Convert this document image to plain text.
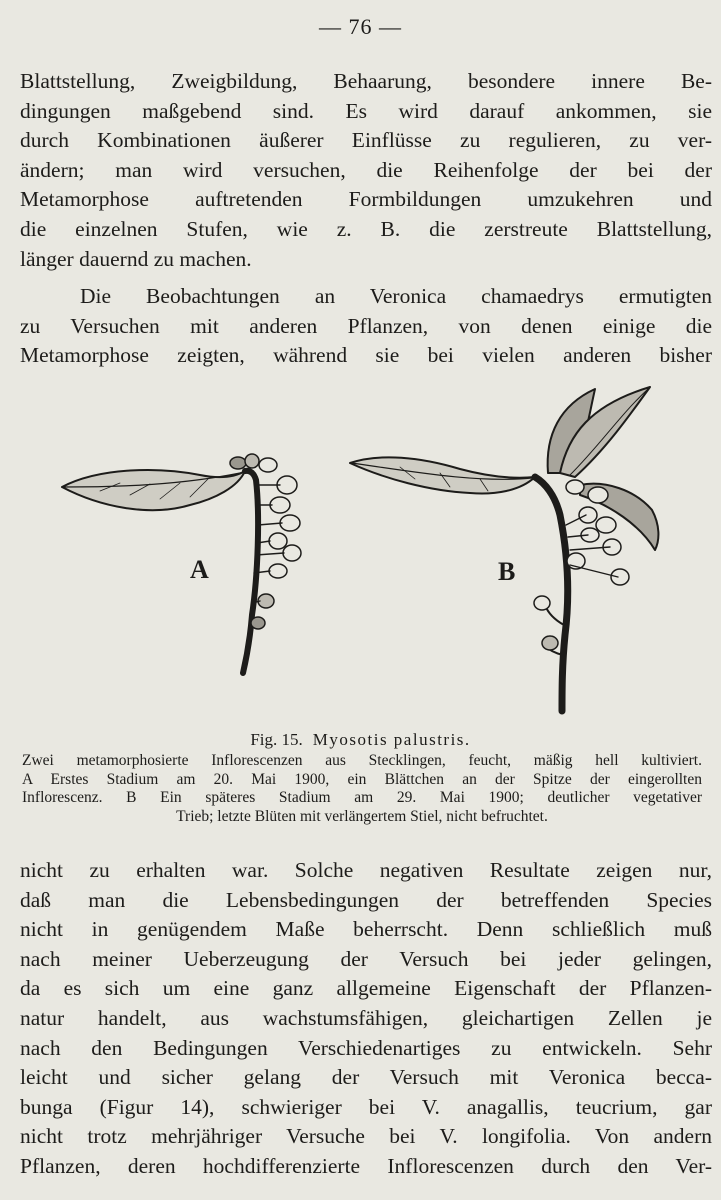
— 76 —
Blattstellung, Zweigbildung, Behaarung, besondere innere Be-
dingungen maßgebend sind. Es wird darauf ankommen, sie
durch Kombinationen äußerer Einflüsse zu regulieren, zu ver-
ändern; man wird versuchen, die Reihenfolge der bei der
Metamorphose auftretenden Formbildungen umzukehren und
die einzelnen Stufen, wie z. B. die zerstreute Blattstellung,
länger dauernd zu machen.
Die Beobachtungen an Veronica chamaedrys ermutigten
zu Versuchen mit anderen Pflanzen, von denen einige die
Metamorphose zeigten, während sie bei vielen anderen bisher
A	B
Fig. 15. Myosotis palustris.
Zwei metamorphosierte Inflorescenzen aus Stecklingen, feucht, mäßig hell kultiviert.
A Erstes Stadium am 20. Mai 1900, ein Blättchen an der Spitze der eingerollten
Inflorescenz. B Ein späteres Stadium am 29. Mai 1900; deutlicher vegetativer
Trieb; letzte Blüten mit verlängertem Stiel, nicht befruchtet.
nicht zu erhalten war. Solche negativen Resultate zeigen nur,
daß man die Lebensbedingungen der betreffenden Species
nicht in genügendem Maße beherrscht. Denn schließlich muß
nach meiner Ueberzeugung der Versuch bei jeder gelingen,
da es sich um eine ganz allgemeine Eigenschaft der Pflanzen-
natur handelt, aus wachstumsfähigen, gleichartigen Zellen je
nach den Bedingungen Verschiedenartiges zu entwickeln. Sehr
leicht und sicher gelang der Versuch mit Veronica becca-
bunga (Figur 14), schwieriger bei V. anagallis, teucrium, gar
nicht trotz mehrjähriger Versuche bei V. longifolia. Von andern
Pflanzen, deren hochdifferenzierte Inflorescenzen durch den Ver-
